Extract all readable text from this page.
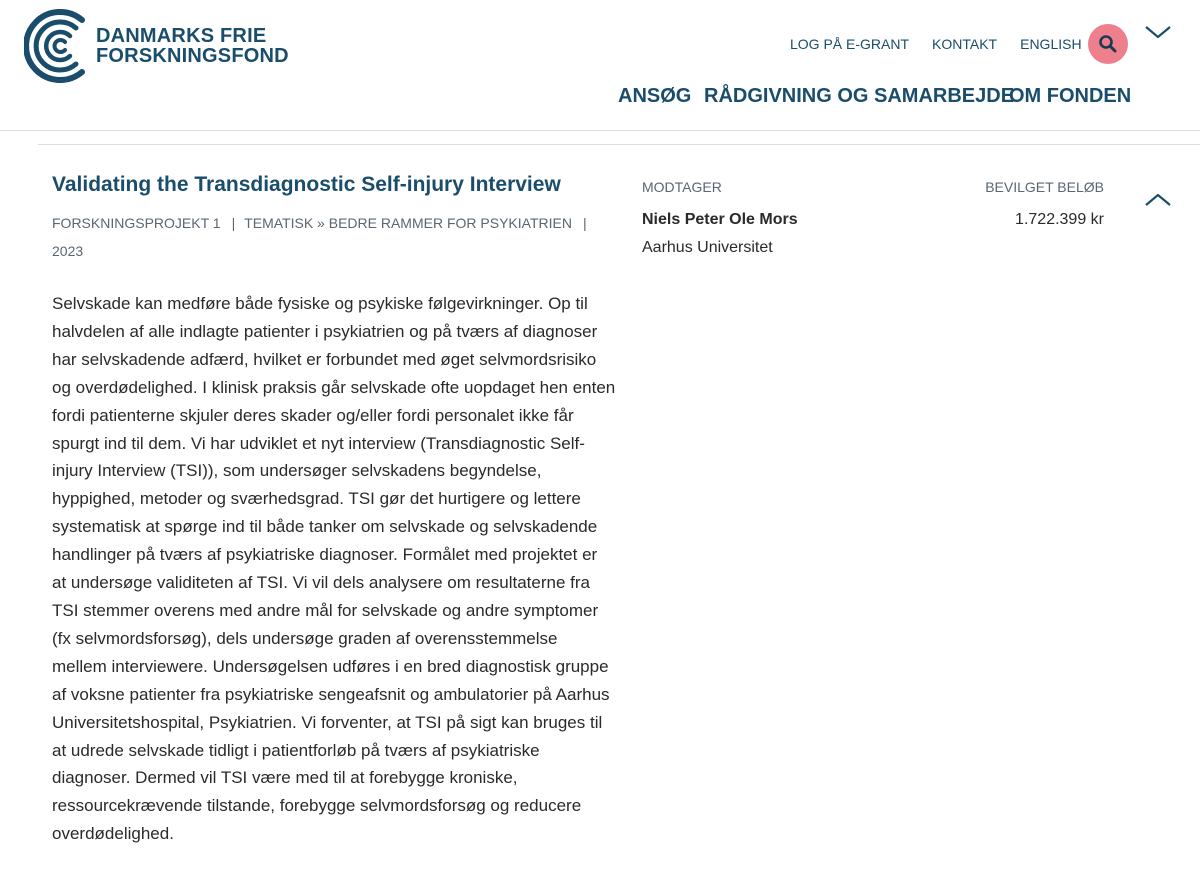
DANMARKS FRIE
FORSKNINGSFOND
LOG PÅ E-GRANT KONTAKT ENGLISH
ANSØG RÅDGIVNING OG SAMARBEJDE
OM FONDEN
Validating the Transdiagnostic Self-injury Interview
FORSKNINGSPROJEKT 1 | TEMATISK » BEDRE RAMMER FOR PSYKIATRIEN |
2023
MODTAGER	BEVILGET BELØB
Niels Peter Ole Mors
Aarhus Universitet
1.722.399 kr

Selvskade kan medføre både fysiske og psykiske følgevirkninger. Op til halvdelen af alle indlagte patienter i psykiatrien og på tværs af diagnoser har selvskadende adfærd, hvilket er forbundet med øget selvmordsrisiko og overdødelighed. I klinisk praksis går selvskade ofte uopdaget hen enten fordi patienterne skjuler deres skader og/eller fordi personalet ikke får spurgt ind til dem. Vi har udviklet et nyt interview (Transdiagnostic Self-injury Interview (TSI)), som undersøger selvskadens begyndelse, hyppighed, metoder og sværhedsgrad. TSI gør det hurtigere og lettere systematisk at spørge ind til både tanker om selvskade og selvskadende handlinger på tværs af psykiatriske diagnoser. Formålet med projektet er at undersøge validiteten af TSI. Vi vil dels analysere om resultaterne fra TSI stemmer overens med andre mål for selvskade og andre symptomer (fx selvmordsforsøg), dels undersøge graden af overensstemmelse mellem interviewere. Undersøgelsen udføres i en bred diagnostisk gruppe af voksne patienter fra psykiatriske sengeafsnit og ambulatorier på Aarhus Universitetshospital, Psykiatrien. Vi forventer, at TSI på sigt kan bruges til at udrede selvskade tidligt i patientforløb på tværs af psykiatriske diagnoser. Dermed vil TSI være med til at forebygge kroniske, ressourcekrævende tilstande, forebygge selvmordsforsøg og reducere overdødelighed.
